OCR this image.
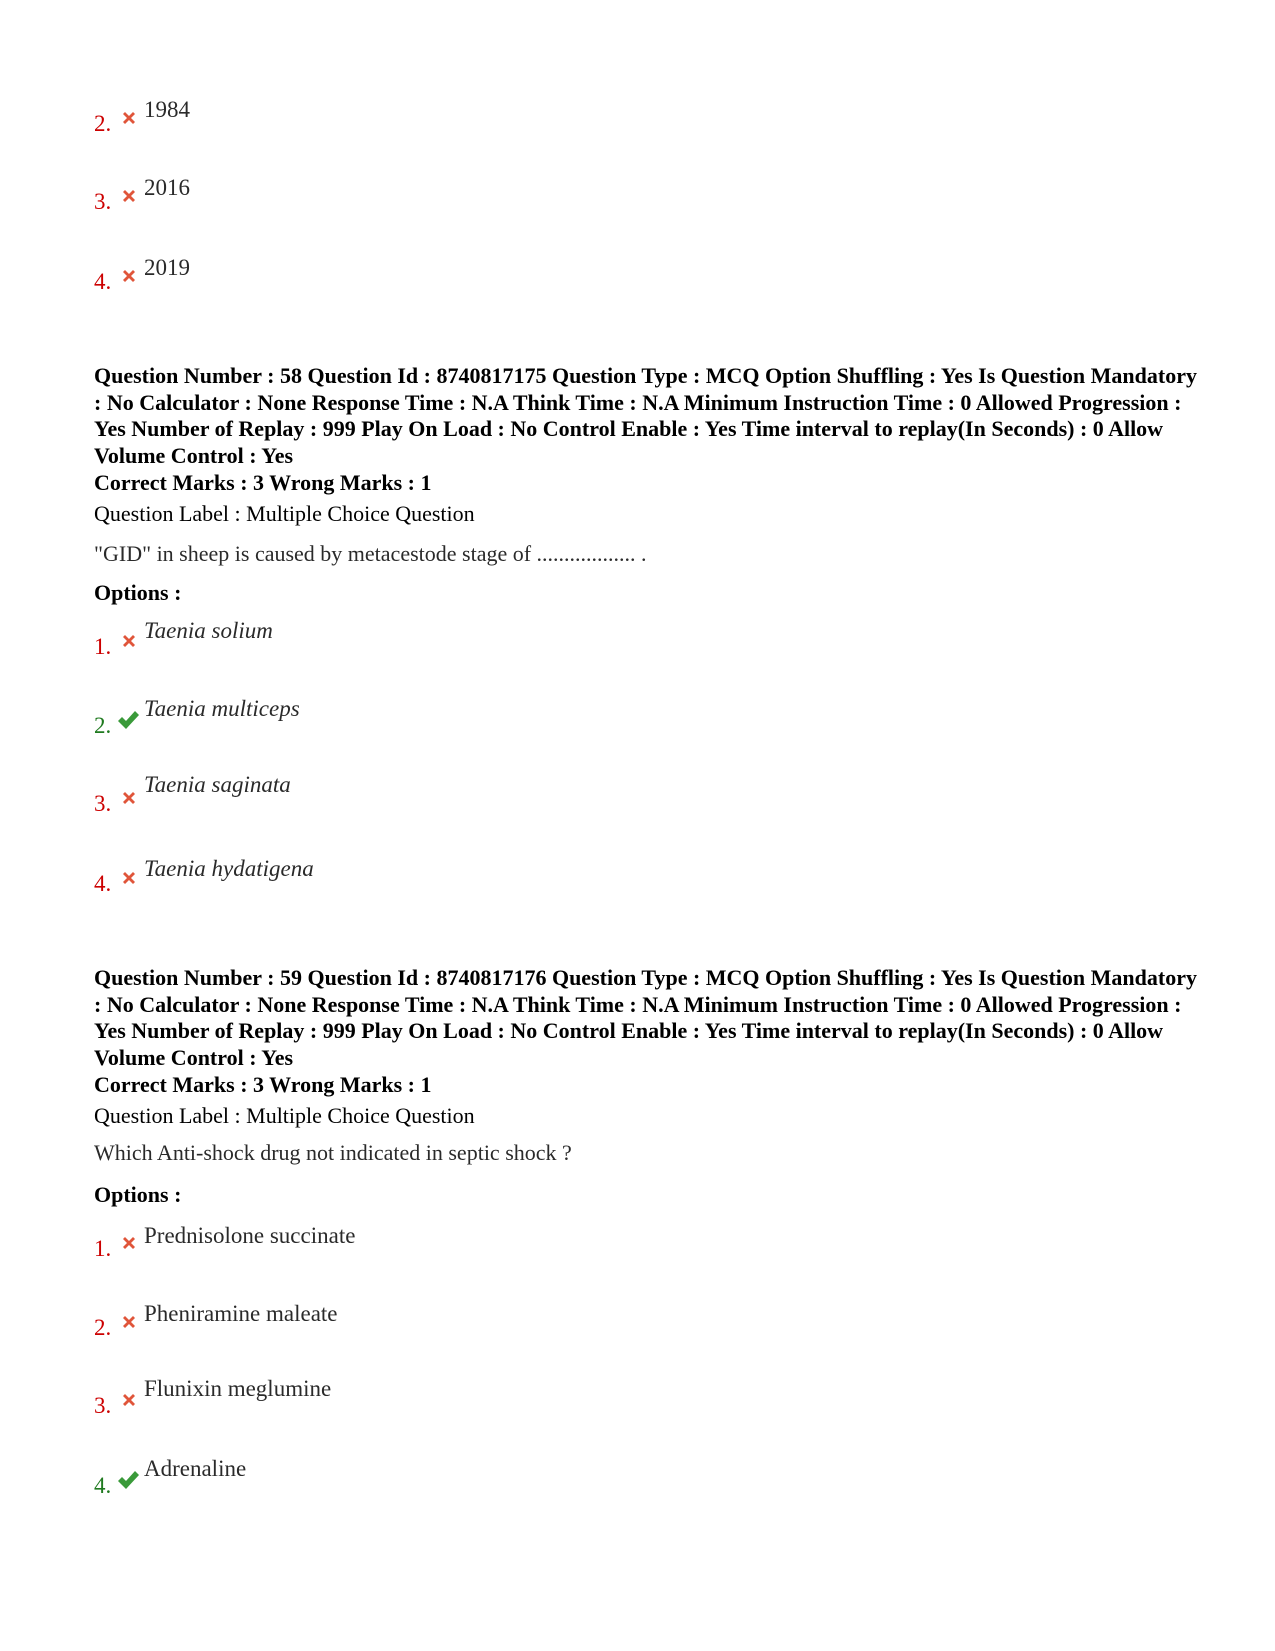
2.
1984
3.
2016
4.
2019
Question Number : 58 Question Id : 8740817175 Question Type : MCQ Option Shuffling : Yes Is Question Mandatory : No Calculator : None Response Time : N.A Think Time : N.A Minimum Instruction Time : 0 Allowed Progression : Yes Number of Replay : 999 Play On Load : No Control Enable : Yes Time interval to replay(In Seconds) : 0 Allow Volume Control : Yes
Correct Marks : 3 Wrong Marks : 1
Question Label : Multiple Choice Question
"GID" in sheep is caused by metacestode stage of .................. .
Options :
1.
Taenia solium
2.
Taenia multiceps
3.
Taenia saginata
4.
Taenia hydatigena
Question Number : 59 Question Id : 8740817176 Question Type : MCQ Option Shuffling : Yes Is Question Mandatory : No Calculator : None Response Time : N.A Think Time : N.A Minimum Instruction Time : 0 Allowed Progression : Yes Number of Replay : 999 Play On Load : No Control Enable : Yes Time interval to replay(In Seconds) : 0 Allow Volume Control : Yes
Correct Marks : 3 Wrong Marks : 1
Question Label : Multiple Choice Question
Which Anti-shock drug not indicated in septic shock ?
Options :
1.
Prednisolone succinate
2.
Pheniramine maleate
3.
Flunixin meglumine
4.
Adrenaline
